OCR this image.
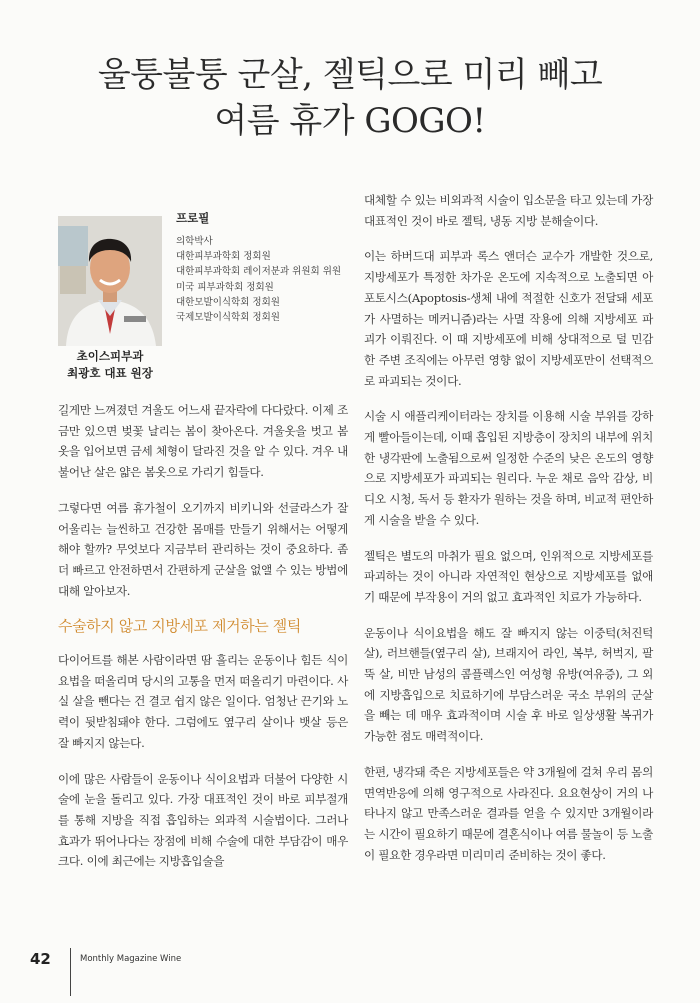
울퉁불퉁 군살, 젤틱으로 미리 빼고
여름 휴가 GOGO!
초이스피부과
최광호 대표 원장
프로필
의학박사
대한피부과학회 정회원
대한피부과학회 레이저분과 위원회 위원
미국 피부과학회 정회원
대한모발이식학회 정회원
국제모발이식학회 정회원

길게만 느껴졌던 겨울도 어느새 끝자락에 다다랐다. 이제 조금만 있으면 벚꽃 날리는 봄이 찾아온다. 겨울옷을 벗고 봄옷을 입어보면 금세 체형이 달라진 것을 알 수 있다. 겨우 내 불어난 살은 얇은 봄옷으로 가리기 힘들다.

그렇다면 여름 휴가철이 오기까지 비키니와 선글라스가 잘 어울리는 늘씬하고 건강한 몸매를 만들기 위해서는 어떻게 해야 할까? 무엇보다 지금부터 관리하는 것이 중요하다. 좀 더 빠르고 안전하면서 간편하게 군살을 없앨 수 있는 방법에 대해 알아보자.

수술하지 않고 지방세포 제거하는 젤틱

다이어트를 해본 사람이라면 땀 흘리는 운동이나 힘든 식이요법을 떠올리며 당시의 고통을 먼저 떠올리기 마련이다. 사실 살을 뺀다는 건 결코 쉽지 않은 일이다. 엄청난 끈기와 노력이 뒷받침돼야 한다. 그럼에도 옆구리 살이나 뱃살 등은 잘 빠지지 않는다.

이에 많은 사람들이 운동이나 식이요법과 더불어 다양한 시술에 눈을 돌리고 있다. 가장 대표적인 것이 바로 피부절개를 통해 지방을 직접 흡입하는 외과적 시술법이다. 그러나 효과가 뛰어나다는 장점에 비해 수술에 대한 부담감이 매우 크다. 이에 최근에는 지방흡입술을

대체할 수 있는 비외과적 시술이 입소문을 타고 있는데 가장 대표적인 것이 바로 젤틱, 냉동 지방 분해술이다.

이는 하버드대 피부과 록스 앤더슨 교수가 개발한 것으로, 지방세포가 특정한 차가운 온도에 지속적으로 노출되면 아포토시스(Apoptosis-생체 내에 적절한 신호가 전달돼 세포가 사멸하는 메커니즘)라는 사멸 작용에 의해 지방세포 파괴가 이뤄진다. 이 때 지방세포에 비해 상대적으로 덜 민감한 주변 조직에는 아무런 영향 없이 지방세포만이 선택적으로 파괴되는 것이다.

시술 시 애플리케이터라는 장치를 이용해 시술 부위를 강하게 빨아들이는데, 이때 흡입된 지방층이 장치의 내부에 위치한 냉각판에 노출됨으로써 일정한 수준의 낮은 온도의 영향으로 지방세포가 파괴되는 원리다. 누운 채로 음악 감상, 비디오 시청, 독서 등 환자가 원하는 것을 하며, 비교적 편안하게 시술을 받을 수 있다.

젤틱은 별도의 마취가 필요 없으며, 인위적으로 지방세포를 파괴하는 것이 아니라 자연적인 현상으로 지방세포를 없애기 때문에 부작용이 거의 없고 효과적인 치료가 가능하다.

운동이나 식이요법을 해도 잘 빠지지 않는 이중턱(처진턱살), 러브핸들(옆구리 살), 브래지어 라인, 복부, 허벅지, 팔뚝 살, 비만 남성의 콤플렉스인 여성형 유방(여유증), 그 외에 지방흡입으로 치료하기에 부담스러운 국소 부위의 군살을 빼는 데 매우 효과적이며 시술 후 바로 일상생활 복귀가 가능한 점도 매력적이다.

한편, 냉각돼 죽은 지방세포들은 약 3개월에 걸쳐 우리 몸의 면역반응에 의해 영구적으로 사라진다. 요요현상이 거의 나타나지 않고 만족스러운 결과를 얻을 수 있지만 3개월이라는 시간이 필요하기 때문에 결혼식이나 여름 물놀이 등 노출이 필요한 경우라면 미리미리 준비하는 것이 좋다.

42	Monthly Magazine Wine
